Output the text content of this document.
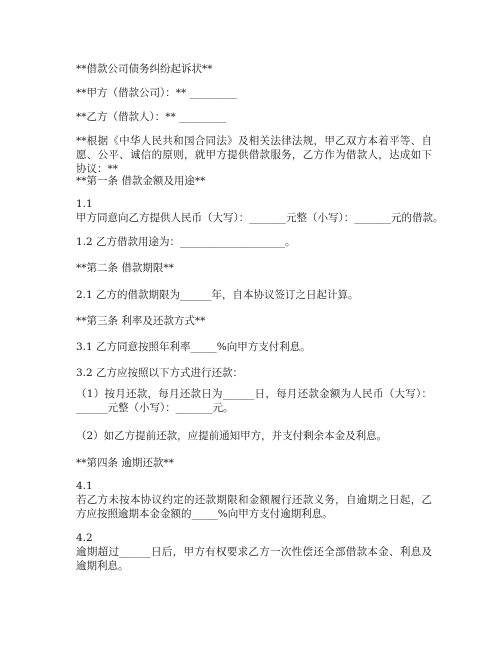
**借款公司债务纠纷起诉状**
**甲方（借款公司）：** _________
**乙方（借款人）：** _________
**根据《中华人民共和国合同法》及相关法律法规，甲乙双方本着平等、自愿、公平、诚信的原则，就甲方提供借款服务，乙方作为借款人，达成如下协议：**
**第一条 借款金额及用途**
1.1
甲方同意向乙方提供人民币（大写）：_______元整（小写）：_______元的借款。
1.2 乙方借款用途为：____________________。
**第二条 借款期限**
2.1 乙方的借款期限为______年，自本协议签订之日起计算。
**第三条 利率及还款方式**
3.1 乙方同意按照年利率_____%向甲方支付利息。
3.2 乙方应按照以下方式进行还款：
（1）按月还款，每月还款日为______日，每月还款金额为人民币（大写）：______元整（小写）：_______元。
（2）如乙方提前还款，应提前通知甲方，并支付剩余本金及利息。
**第四条 逾期还款**
4.1
若乙方未按本协议约定的还款期限和金额履行还款义务，自逾期之日起，乙方应按照逾期本金金额的_____%向甲方支付逾期利息。
4.2
逾期超过______日后，甲方有权要求乙方一次性偿还全部借款本金、利息及逾期利息。
